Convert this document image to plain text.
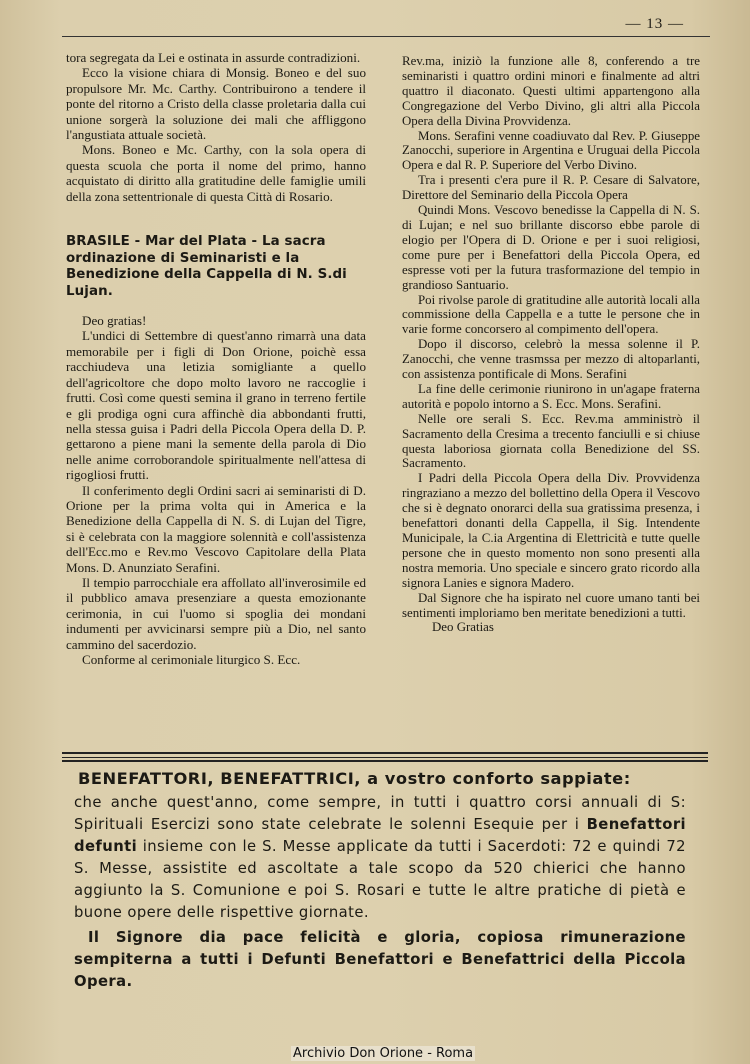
— 13 —

tora segregata da Lei e ostinata in assurde contradizioni.

Ecco la visione chiara di Monsig. Boneo e del suo propulsore Mr. Mc. Carthy. Contribuirono a tendere il ponte del ritorno a Cristo della classe proletaria dalla cui unione sorgerà la soluzione dei mali che affliggono l'angustiata attuale società.

Mons. Boneo e Mc. Carthy, con la sola opera di questa scuola che porta il nome del primo, hanno acquistato di diritto alla gratitudine delle famiglie umili della zona settentrionale di questa Città di Rosario.

BRASILE - Mar del Plata - La sacra ordinazione di Seminaristi e la Benedizione della Cappella di N. S.di Lujan.

Deo gratias!

L'undici di Settembre di quest'anno rimarrà una data memorabile per i figli di Don Orione, poichè essa racchiudeva una letizia somigliante a quello dell'agricoltore che dopo molto lavoro ne raccoglie i frutti. Così come questi semina il grano in terreno fertile e gli prodiga ogni cura affinchè dia abbondanti frutti, nella stessa guisa i Padri della Piccola Opera della D. P. gettarono a piene mani la semente della parola di Dio nelle anime corroborandole spiritualmente nell'attesa di rigogliosi frutti.

Il conferimento degli Ordini sacri ai seminaristi di D. Orione per la prima volta qui in America e la Benedizione della Cappella di N. S. di Lujan del Tigre, si è celebrata con la maggiore solennità e coll'assistenza dell'Ecc.mo e Rev.mo Vescovo Capitolare della Plata Mons. D. Anunziato Serafini.

Il tempio parrocchiale era affollato all'inverosimile ed il pubblico amava presenziare a questa emozionante cerimonia, in cui l'uomo si spoglia dei mondani indumenti per avvicinarsi sempre più a Dio, nel santo cammino del sacerdozio.

Conforme al cerimoniale liturgico S. Ecc.

Rev.ma, iniziò la funzione alle 8, conferendo a tre seminaristi i quattro ordini minori e finalmente ad altri quattro il diaconato. Questi ultimi appartengono alla Congregazione del Verbo Divino, gli altri alla Piccola Opera della Divina Provvidenza.

Mons. Serafini venne coadiuvato dal Rev. P. Giuseppe Zanocchi, superiore in Argentina e Uruguai della Piccola Opera e dal R. P. Superiore del Verbo Divino.

Tra i presenti c'era pure il R. P. Cesare di Salvatore, Direttore del Seminario della Piccola Opera

Quindi Mons. Vescovo benedisse la Cappella di N. S. di Lujan; e nel suo brillante discorso ebbe parole di elogio per l'Opera di D. Orione e per i suoi religiosi, come pure per i Benefattori della Piccola Opera, ed espresse voti per la futura trasformazione del tempio in grandioso Santuario.

Poi rivolse parole di gratitudine alle autorità locali alla commissione della Cappella e a tutte le persone che in varie forme concorsero al compimento dell'opera.

Dopo il discorso, celebrò la messa solenne il P. Zanocchi, che venne trasmssa per mezzo di altoparlanti, con assistenza pontificale di Mons. Serafini

La fine delle cerimonie riunirono in un'agape fraterna autorità e popolo intorno a S. Ecc. Mons. Serafini.

Nelle ore serali S. Ecc. Rev.ma amministrò il Sacramento della Cresima a trecento fanciulli e si chiuse questa laboriosa giornata colla Benedizione del SS. Sacramento.

I Padri della Piccola Opera della Div. Provvidenza ringraziano a mezzo del bollettino della Opera il Vescovo che si è degnato onorarci della sua gratissima presenza, i benefattori donanti della Cappella, il Sig. Intendente Municipale, la C.ia Argentina di Elettricità e tutte quelle persone che in questo momento non sono presenti alla nostra memoria. Uno speciale e sincero grato ricordo alla signora Lanies e signora Madero.

Dal Signore che ha ispirato nel cuore umano tanti bei sentimenti imploriamo ben meritate benedizioni a tutti.

Deo Gratias

BENEFATTORI, BENEFATTRICI, a vostro conforto sappiate:

che anche quest'anno, come sempre, in tutti i quattro corsi annuali di S: Spirituali Esercizi sono state celebrate le solenni Esequie per i Benefattori defunti insieme con le S. Messe applicate da tutti i Sacerdoti: 72 e quindi 72 S. Messe, assistite ed ascoltate a tale scopo da 520 chierici che hanno aggiunto la S. Comunione e poi S. Rosari e tutte le altre pratiche di pietà e buone opere delle rispettive giornate.

Il Signore dia pace felicità e gloria, copiosa rimunerazione sempiterna a tutti i Defunti Benefattori e Benefattrici della Piccola Opera.

Archivio Don Orione - Roma
